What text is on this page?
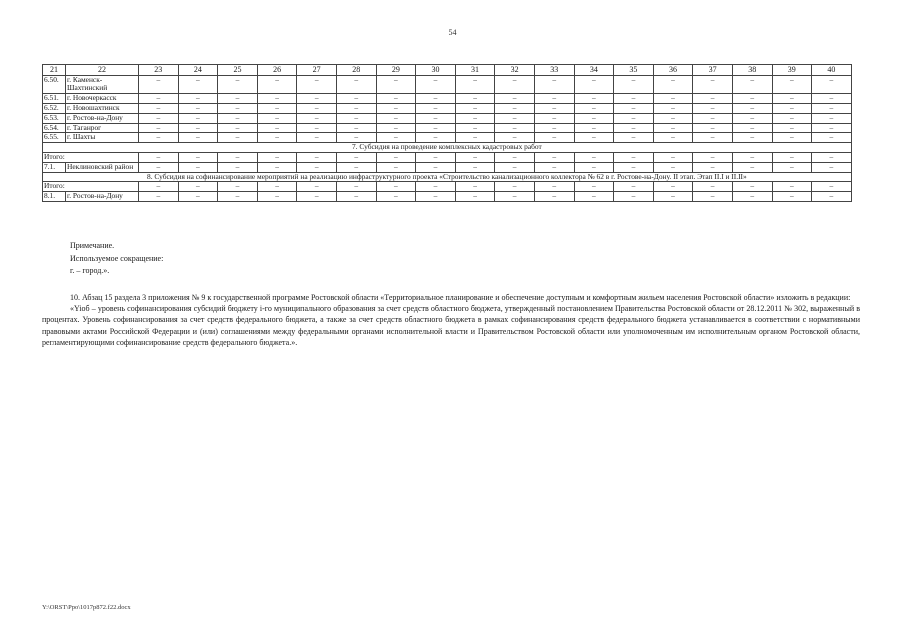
54
21	22	23	24	25	26	27	28	29	30	31	32	33	34	35	36	37	38	39	40
6.50.	г. Каменск-Шахтинский	–	–	–	–	–	–	–	–	–	–	–	–	–	–	–	–	–	–
6.51.	г. Новочеркасск	–	–	–	–	–	–	–	–	–	–	–	–	–	–	–	–	–	–
6.52.	г. Новошахтинск	–	–	–	–	–	–	–	–	–	–	–	–	–	–	–	–	–	–
6.53.	г. Ростов-на-Дону	–	–	–	–	–	–	–	–	–	–	–	–	–	–	–	–	–	–
6.54.	г. Таганрог	–	–	–	–	–	–	–	–	–	–	–	–	–	–	–	–	–	–
6.55.	г. Шахты	–	–	–	–	–	–	–	–	–	–	–	–	–	–	–	–	–	–
7. Субсидия на проведение комплексных кадастровых работ																			
Итого:		–	–	–	–	–	–	–	–	–	–	–	–	–	–	–	–	–	–
7.1.	Неклиновский район	–	–	–	–	–	–	–	–	–	–	–	–	–	–	–	–	–	–
8. Субсидия на софинансирование мероприятий на реализацию инфраструктурного проекта «Строительство канализационного коллектора № 62 в г. Ростове-на-Дону. II этап. Этап II.I и II.II»																			
Итого:		–	–	–	–	–	–	–	–	–	–	–	–	–	–	–	–	–	–
8.1.	г. Ростов-на-Дону	–	–	–	–	–	–	–	–	–	–	–	–	–	–	–	–	–	–
Примечание.
Используемое сокращение:
г. – город.».

10. Абзац 15 раздела 3 приложения № 9 к государственной программе Ростовской области «Территориальное планирование и обеспечение доступным и комфортным жильем населения Ростовской области» изложить в редакции:

«Yiоб – уровень софинансирования субсидий бюджету i-го муниципального образования за счет средств областного бюджета, утвержденный постановлением Правительства Ростовской области от 28.12.2011 № 302, выраженный в процентах. Уровень софинансирования за счет средств федерального бюджета, а также за счет средств областного бюджета в рамках софинансирования средств федерального бюджета устанавливается в соответствии с нормативными правовыми актами Российской Федерации и (или) соглашениями между федеральными органами исполнительной власти и Правительством Ростовской области или уполномоченным им исполнительным органом Ростовской области, регламентирующими софинансирование средств федерального бюджета.».

Y:\ORST\Ppo\1017p872.f22.docx
